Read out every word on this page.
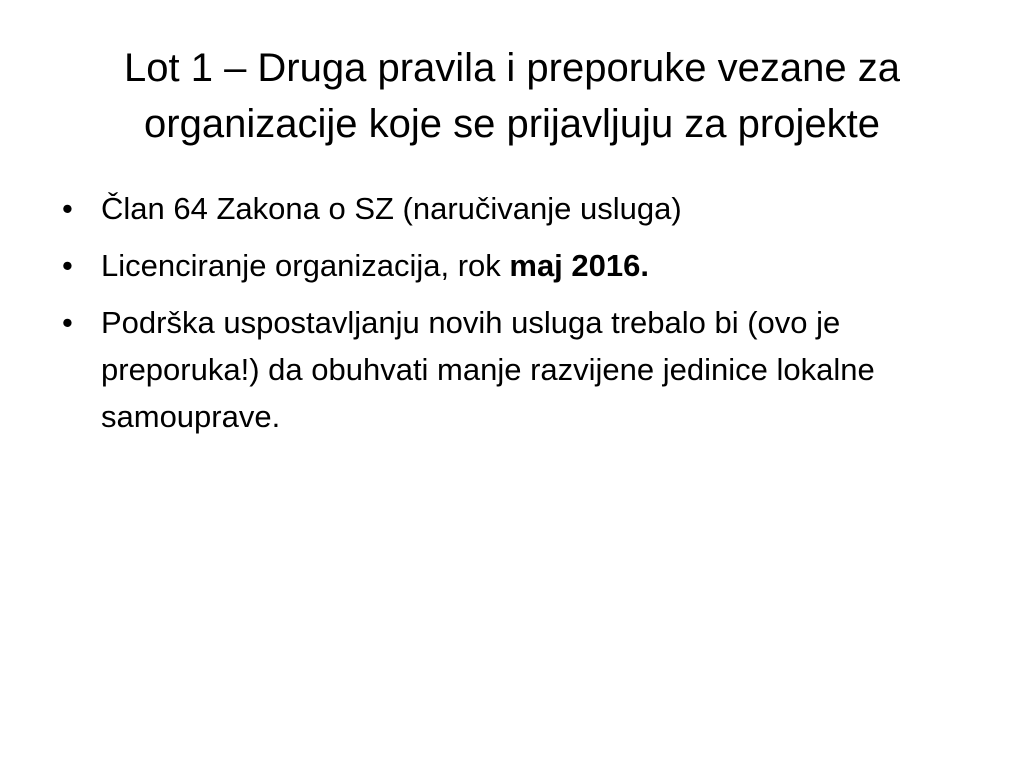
Lot 1 – Druga pravila i preporuke vezane za organizacije koje se prijavljuju za projekte
• Član 64 Zakona o SZ (naručivanje usluga)
• Licenciranje organizacija, rok maj 2016.
• Podrška uspostavljanju novih usluga trebalo bi (ovo je preporuka!) da obuhvati manje razvijene jedinice lokalne samouprave.
